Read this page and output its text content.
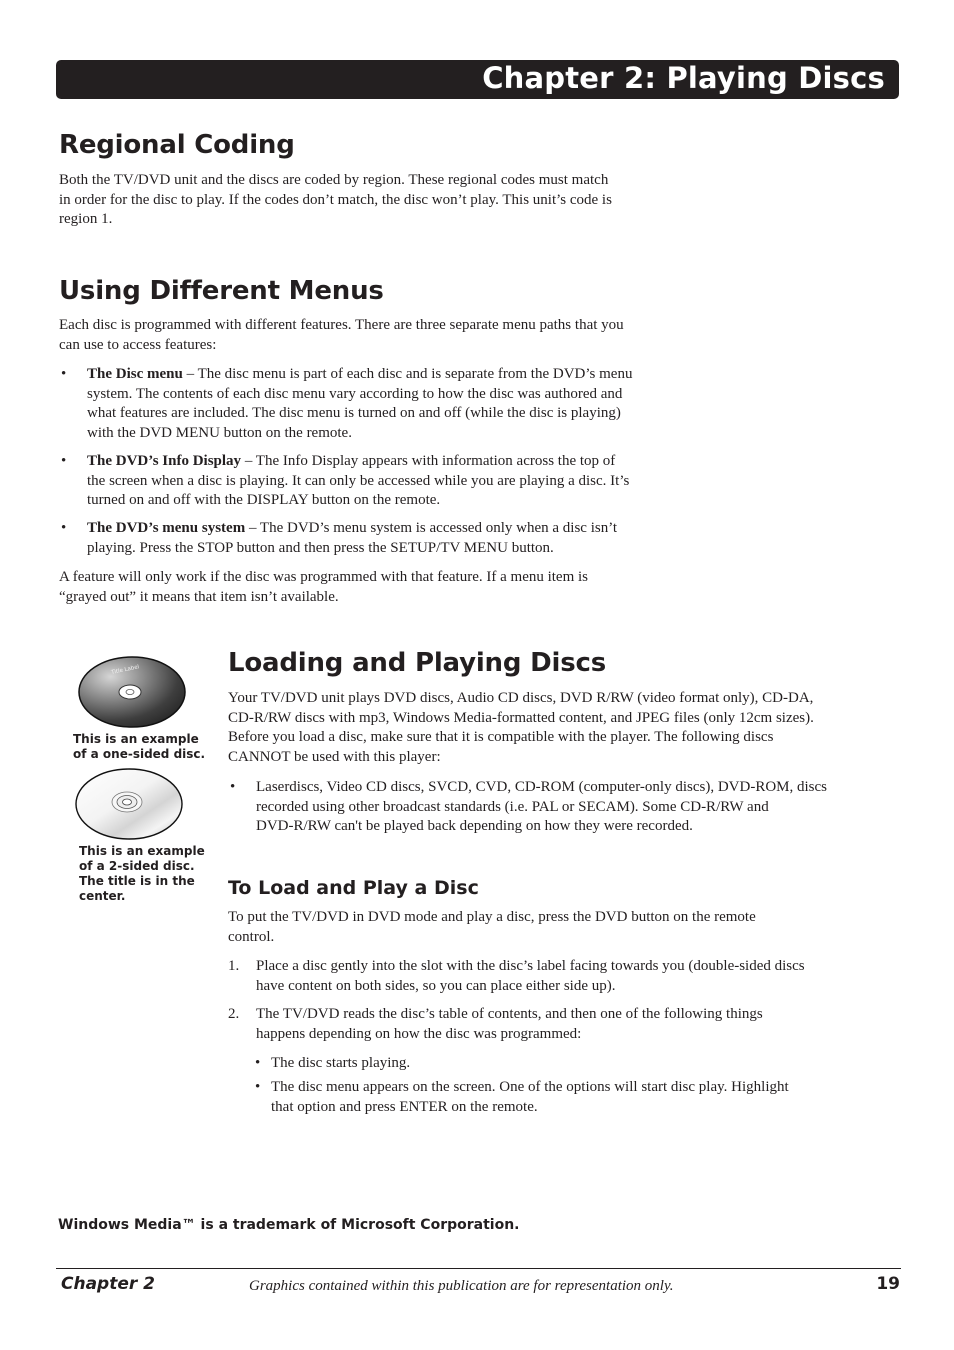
Chapter 2: Playing Discs
Regional Coding
Both the TV/DVD unit and the discs are coded by region. These regional codes must match
in order for the disc to play. If the codes don’t match, the disc won’t play. This unit’s code is
region 1.
Using Different Menus
Each disc is programmed with different features. There are three separate menu paths that you
can use to access features:
• The Disc menu – The disc menu is part of each disc and is separate from the DVD’s menu
system. The contents of each disc menu vary according to how the disc was authored and
what features are included. The disc menu is turned on and off (while the disc is playing)
with the DVD MENU button on the remote.
• The DVD’s Info Display – The Info Display appears with information across the top of
the screen when a disc is playing. It can only be accessed while you are playing a disc. It’s
turned on and off with the DISPLAY button on the remote.
• The DVD’s menu system – The DVD’s menu system is accessed only when a disc isn’t
playing. Press the STOP button and then press the SETUP/TV MENU button.
A feature will only work if the disc was programmed with that feature. If a menu item is
“grayed out” it means that item isn’t available.
Title Label
This is an example
of a one-sided disc.
This is an example
of a 2-sided disc.
The title is in the
center.
Loading and Playing Discs
Your TV/DVD unit plays DVD discs, Audio CD discs, DVD R/RW (video format only), CD-DA,
CD-R/RW discs with mp3, Windows Media-formatted content, and JPEG files (only 12cm sizes).
Before you load a disc, make sure that it is compatible with the player. The following discs
CANNOT be used with this player:
• Laserdiscs, Video CD discs, SVCD, CVD, CD-ROM (computer-only discs), DVD-ROM, discs
recorded using other broadcast standards (i.e. PAL or SECAM). Some CD-R/RW and
DVD-R/RW can't be played back depending on how they were recorded.
To Load and Play a Disc
To put the TV/DVD in DVD mode and play a disc, press the DVD button on the remote
control.
1. Place a disc gently into the slot with the disc’s label facing towards you (double-sided discs
have content on both sides, so you can place either side up).
2. The TV/DVD reads the disc’s table of contents, and then one of the following things
happens depending on how the disc was programmed:
• The disc starts playing.
• The disc menu appears on the screen. One of the options will start disc play. Highlight
that option and press ENTER on the remote.
Windows Media™ is a trademark of Microsoft Corporation.
Chapter 2	Graphics contained within this publication are for representation only.	19
